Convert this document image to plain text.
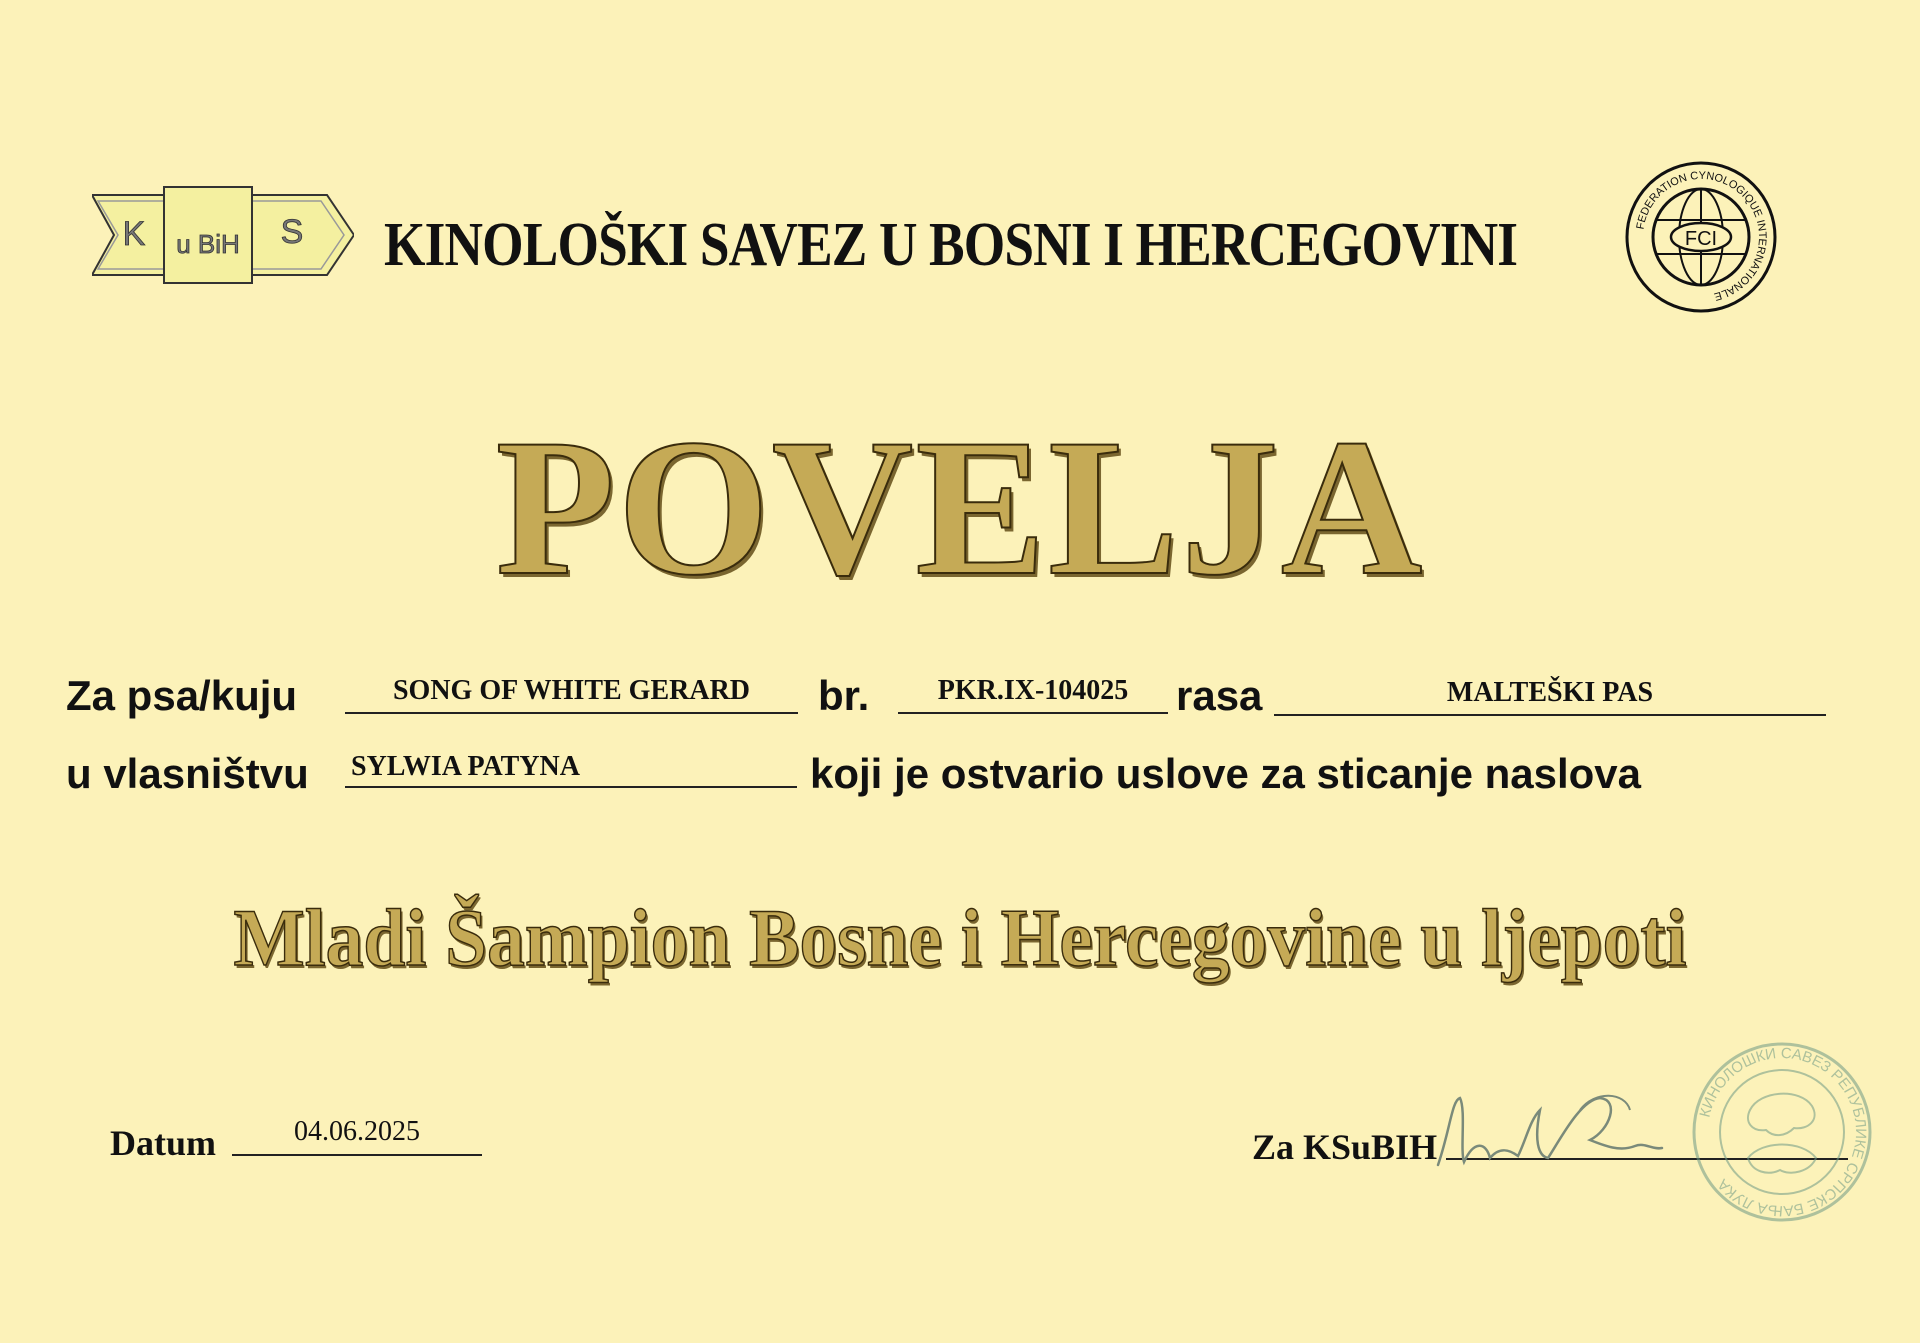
K u BiH S KINOLOŠKI SAVEZ U BOSNI I HERCEGOVINI	FCI
FEDERATION CYNOLOGIQUE INTERNATIONALE
POVELJA
Za psa/kuju	SONG OF WHITE GERARD	br.	PKR.IX-104025	rasa	MALTEŠKI PAS
u vlasništvu SYLWIA PATYNA	koji je ostvario uslove za sticanje naslova
Mladi Šampion Bosne i Hercegovine u ljepoti
Datum	04.06.2025	Za KSuBIH
КИНОЛОШКИ САВЕЗ РЕПУБЛИКЕ СРПСКЕ БАЊА ЛУКА
